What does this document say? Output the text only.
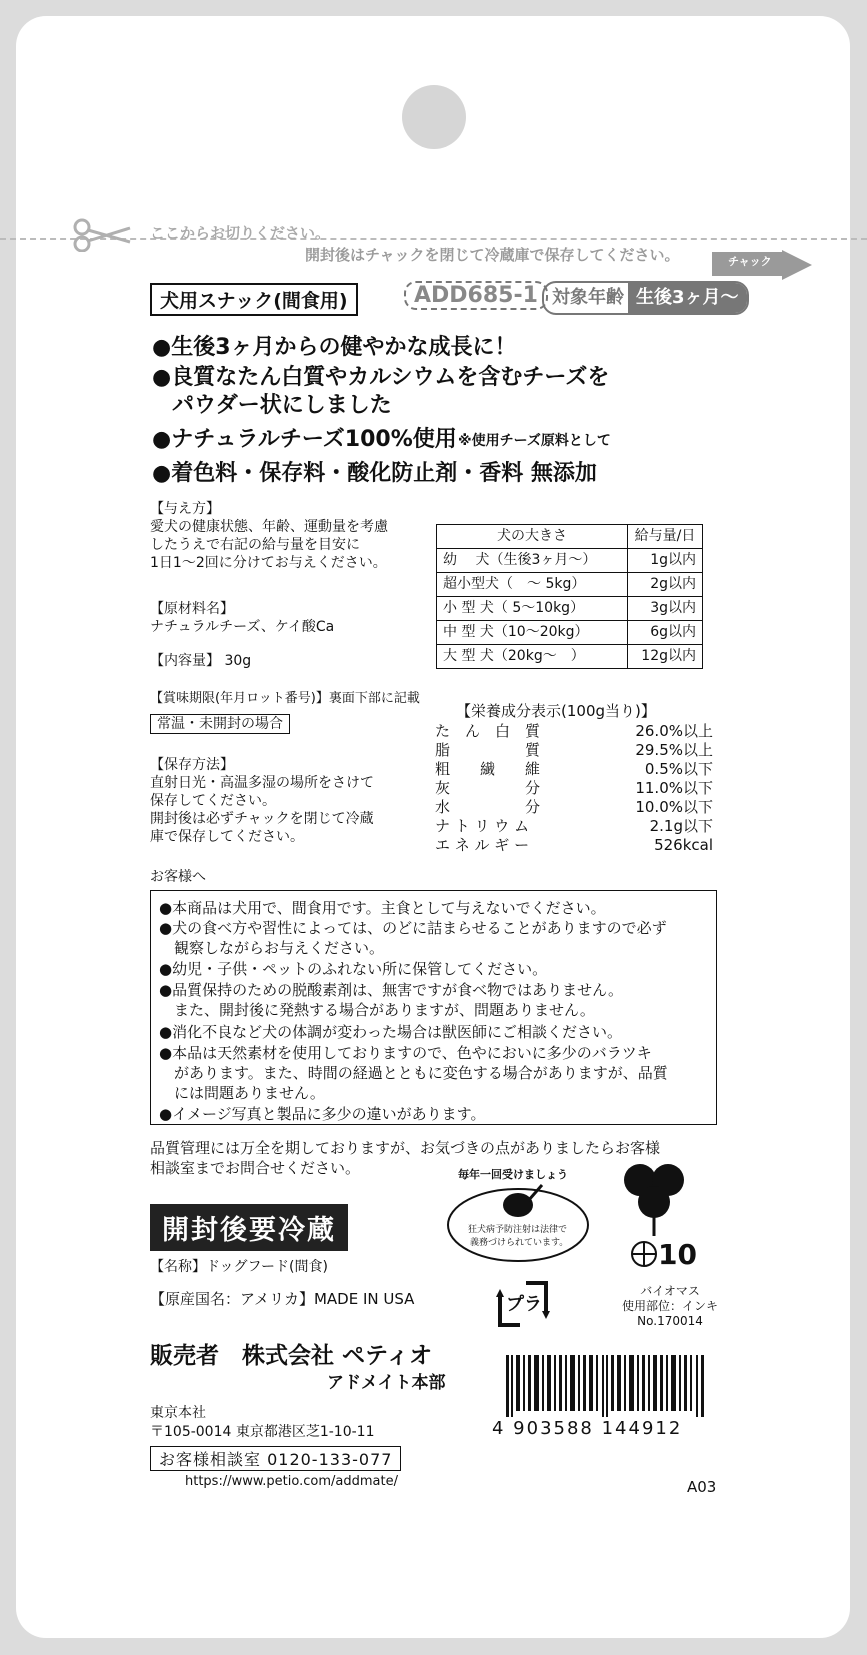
ここからお切りください。
開封後はチャックを閉じて冷蔵庫で保存してください。	チャック
犬用スナック(間食用)	ADD685-1 対象年齢 生後3ヶ月〜
●生後3ヶ月からの健やかな成長に！
●良質なたん白質やカルシウムを含むチーズを
パウダー状にしました
●ナチュラルチーズ100%使用 ※使用チーズ原料として
●着色料・保存料・酸化防止剤・香料 無添加
【与え方】
愛犬の健康状態、年齢、運動量を考慮
したうえで右記の給与量を目安に
1日1〜2回に分けてお与えください。
犬の大きさ	給与量/日
幼　 犬（生後3ヶ月〜）	1g以内
超小型犬（　〜 5kg）	2g以内
小 型 犬（ 5〜10kg）	3g以内
中 型 犬（10〜20kg）	6g以内
大 型 犬（20kg〜　）	12g以内
【原材料名】
ナチュラルチーズ、ケイ酸Ca
【内容量】 30g
【賞味期限(年月ロット番号)】裏面下部に記載
常温・未開封の場合
【保存方法】
直射日光・高温多湿の場所をさけて
保存してください。
開封後は必ずチャックを閉じて冷蔵
庫で保存してください。
【栄養成分表示(100g当り)】
た　ん　白　質	26.0%以上
脂　　　　　質	29.5%以上
粗　　繊　　維	0.5%以下
灰　　　　　分	11.0%以下
水　　　　　分	10.0%以下
ナ ト リ ウ ム	2.1g以下
エ ネ ル ギ ー	526kcal
お客様へ
●本商品は犬用で、間食用です。主食として与えないでください。
●犬の食べ方や習性によっては、のどに詰まらせることがありますので必ず
　観察しながらお与えください。
●幼児・子供・ペットのふれない所に保管してください。
●品質保持のための脱酸素剤は、無害ですが食べ物ではありません。
　また、開封後に発熱する場合がありますが、問題ありません。
●消化不良など犬の体調が変わった場合は獣医師にご相談ください。
●本品は天然素材を使用しておりますので、色やにおいに多少のバラツキ
　があります。また、時間の経過とともに変色する場合がありますが、品質
　には問題ありません。
●イメージ写真と製品に多少の違いがあります。
品質管理には万全を期しておりますが、お気づきの点がありましたらお客様
相談室までお問合せください。
開封後要冷蔵
【名称】ドッグフード(間食)
【原産国名：アメリカ】MADE IN USA
毎年一回受けましょう
狂犬病予防注射は法律で
義務づけられています。	10
バイオマス
使用部位：インキ
No.170014
プラ
販売者　株式会社 ペティオ
アドメイト本部
東京本社
〒105-0014 東京都港区芝1-10-11
お客様相談室 0120-133-077
https://www.petio.com/addmate/
4 903588 144912
A03
